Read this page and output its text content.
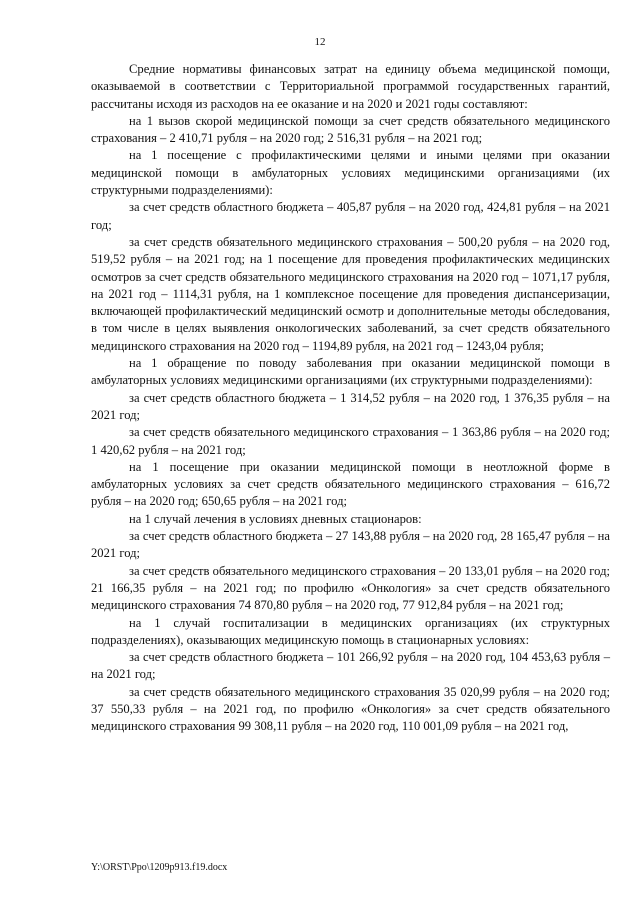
12

Средние нормативы финансовых затрат на единицу объема медицинской помощи, оказываемой в соответствии с Территориальной программой государственных гарантий, рассчитаны исходя из расходов на ее оказание и на 2020 и 2021 годы составляют:

на 1 вызов скорой медицинской помощи за счет средств обязательного медицинского страхования – 2 410,71 рубля – на 2020 год; 2 516,31 рубля – на 2021 год;

на 1 посещение с профилактическими целями и иными целями при оказании медицинской помощи в амбулаторных условиях медицинскими организациями (их структурными подразделениями):

за счет средств областного бюджета – 405,87 рубля – на 2020 год, 424,81 рубля – на 2021 год;

за счет средств обязательного медицинского страхования – 500,20 рубля – на 2020 год, 519,52 рубля – на 2021 год; на 1 посещение для проведения профилактических медицинских осмотров за счет средств обязательного медицинского страхования на 2020 год – 1071,17 рубля, на 2021 год – 1114,31 рубля, на 1 комплексное посещение для проведения диспансеризации, включающей профилактический медицинский осмотр и дополнительные методы обследования, в том числе в целях выявления онкологических заболеваний, за счет средств обязательного медицинского страхования на 2020 год – 1194,89 рубля, на 2021 год – 1243,04 рубля;

на 1 обращение по поводу заболевания при оказании медицинской помощи в амбулаторных условиях медицинскими организациями (их структурными подразделениями):

за счет средств областного бюджета – 1 314,52 рубля – на 2020 год, 1 376,35 рубля – на 2021 год;

за счет средств обязательного медицинского страхования – 1 363,86 рубля – на 2020 год; 1 420,62 рубля – на 2021 год;

на 1 посещение при оказании медицинской помощи в неотложной форме в амбулаторных условиях за счет средств обязательного медицинского страхования – 616,72 рубля – на 2020 год; 650,65 рубля – на 2021 год;

на 1 случай лечения в условиях дневных стационаров:

за счет средств областного бюджета – 27 143,88 рубля – на 2020 год, 28 165,47 рубля – на 2021 год;

за счет средств обязательного медицинского страхования – 20 133,01 рубля – на 2020 год; 21 166,35 рубля – на 2021 год; по профилю «Онкология» за счет средств обязательного медицинского страхования 74 870,80 рубля – на 2020 год, 77 912,84 рубля – на 2021 год;

на 1 случай госпитализации в медицинских организациях (их структурных подразделениях), оказывающих медицинскую помощь в стационарных условиях:

за счет средств областного бюджета – 101 266,92 рубля – на 2020 год, 104 453,63 рубля – на 2021 год;

за счет средств обязательного медицинского страхования 35 020,99 рубля – на 2020 год; 37 550,33 рубля – на 2021 год, по профилю «Онкология» за счет средств обязательного медицинского страхования 99 308,11 рубля – на 2020 год, 110 001,09 рубля – на 2021 год,

Y:\ORST\Ppo\1209p913.f19.docx
